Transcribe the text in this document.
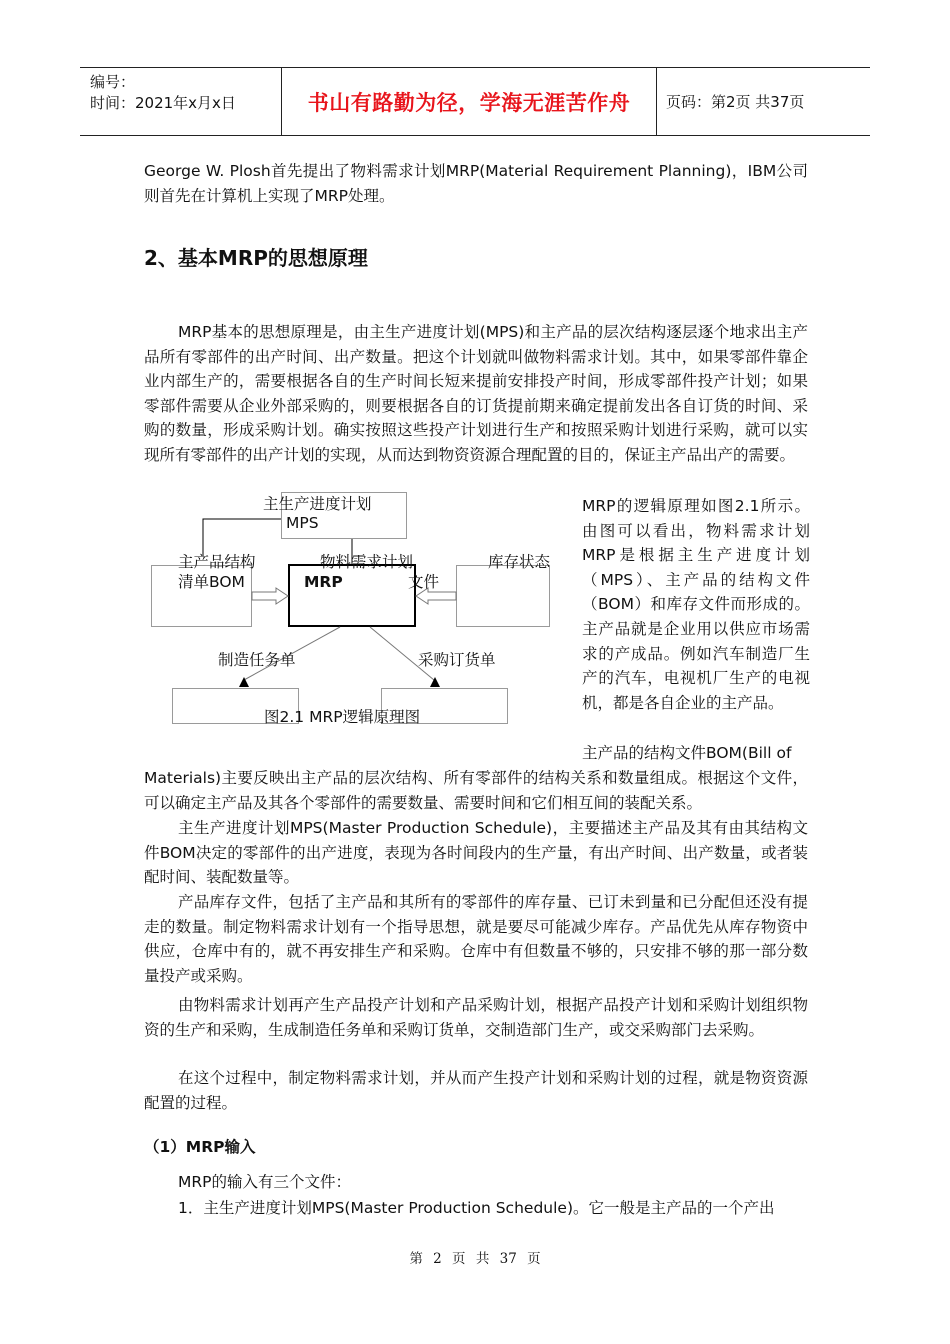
编号：
时间：2021年x月x日	书山有路勤为径，学海无涯苦作舟	页码：第2页 共37页

George W. Plosh首先提出了物料需求计划MRP(Material Requirement Planning)，IBM公司则首先在计算机上实现了MRP处理。

2、基本MRP的思想原理

MRP基本的思想原理是，由主生产进度计划(MPS)和主产品的层次结构逐层逐个地求出主产品所有零部件的出产时间、出产数量。把这个计划就叫做物料需求计划。其中，如果零部件靠企业内部生产的，需要根据各自的生产时间长短来提前安排投产时间，形成零部件投产计划；如果零部件需要从企业外部采购的，则要根据各自的订货提前期来确定提前发出各自订货的时间、采购的数量，形成采购计划。确实按照这些投产计划进行生产和按照采购计划进行采购，就可以实现所有零部件的出产计划的实现，从而达到物资资源合理配置的目的，保证主产品出产的需要。

主生产进度计划
MPS
主产品结构
清单BOM
物料需求计划
MRP	文件
库存状态
制造任务单	采购订货单
图2.1 MRP逻辑原理图

MRP的逻辑原理如图2.1所示。由图可以看出，物料需求计划MRP是根据主生产进度计划（MPS）、主产品的结构文件（BOM）和库存文件而形成的。主产品就是企业用以供应市场需求的产成品。例如汽车制造厂生产的汽车，电视机厂生产的电视机，都是各自企业的主产品。

主产品的结构文件BOM(Bill of

Materials)主要反映出主产品的层次结构、所有零部件的结构关系和数量组成。根据这个文件，可以确定主产品及其各个零部件的需要数量、需要时间和它们相互间的装配关系。

主生产进度计划MPS(Master Production Schedule)，主要描述主产品及其有由其结构文件BOM决定的零部件的出产进度，表现为各时间段内的生产量，有出产时间、出产数量，或者装配时间、装配数量等。

产品库存文件，包括了主产品和其所有的零部件的库存量、已订未到量和已分配但还没有提走的数量。制定物料需求计划有一个指导思想，就是要尽可能减少库存。产品优先从库存物资中供应，仓库中有的，就不再安排生产和采购。仓库中有但数量不够的，只安排不够的那一部分数量投产或采购。

由物料需求计划再产生产品投产计划和产品采购计划，根据产品投产计划和采购计划组织物资的生产和采购，生成制造任务单和采购订货单，交制造部门生产，或交采购部门去采购。

在这个过程中，制定物料需求计划，并从而产生投产计划和采购计划的过程，就是物资资源配置的过程。

（1）MRP输入

MRP的输入有三个文件：

1．主生产进度计划MPS(Master Production Schedule)。它一般是主产品的一个产出

第 2 页 共 37 页
